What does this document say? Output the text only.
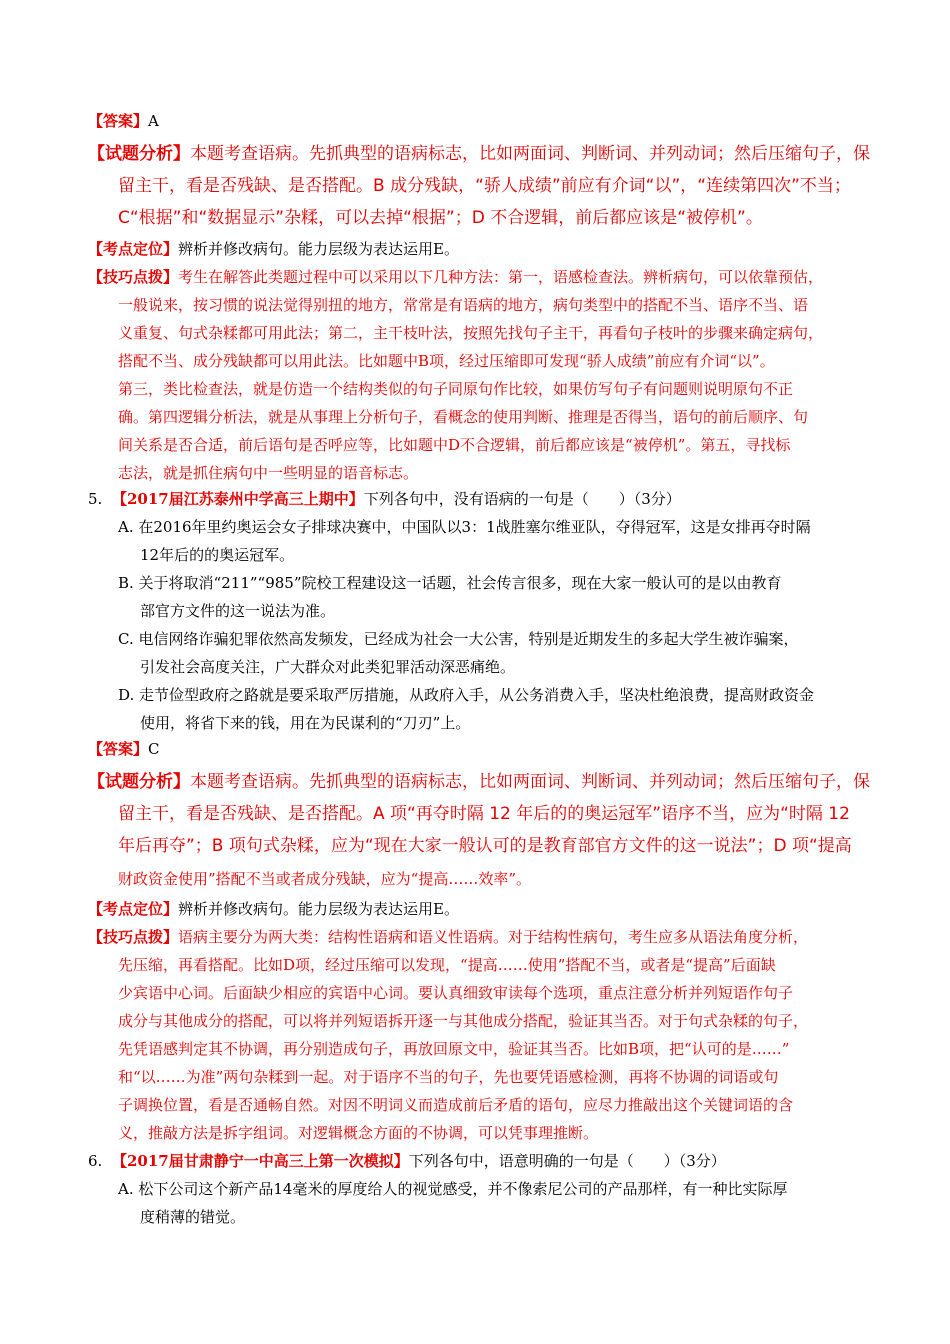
【答案】A
【试题分析】本题考查语病。先抓典型的语病标志，比如两面词、判断词、并列动词；然后压缩句子，保
留主干，看是否残缺、是否搭配。B 成分残缺，“骄人成绩”前应有介词“以”，“连续第四次”不当；
C“根据”和“数据显示”杂糅，可以去掉“根据”；D 不合逻辑，前后都应该是“被停机”。
【考点定位】辨析并修改病句。能力层级为表达运用E。
【技巧点拨】考生在解答此类题过程中可以采用以下几种方法：第一，语感检查法。辨析病句，可以依靠预估，
一般说来，按习惯的说法觉得别扭的地方，常常是有语病的地方，病句类型中的搭配不当、语序不当、语
义重复、句式杂糅都可用此法；第二，主干枝叶法，按照先找句子主干，再看句子枝叶的步骤来确定病句，
搭配不当、成分残缺都可以用此法。比如题中B项，经过压缩即可发现“骄人成绩”前应有介词“以”。
第三，类比检查法，就是仿造一个结构类似的句子同原句作比较，如果仿写句子有问题则说明原句不正
确。第四逻辑分析法，就是从事理上分析句子，看概念的使用判断、推理是否得当，语句的前后顺序、句
间关系是否合适，前后语句是否呼应等，比如题中D不合逻辑，前后都应该是“被停机”。第五，寻找标
志法，就是抓住病句中一些明显的语音标志。
5. 【2017届江苏泰州中学高三上期中】下列各句中，没有语病的一句是（　　）（3分）
A. 在2016年里约奥运会女子排球决赛中，中国队以3：1战胜塞尔维亚队，夺得冠军，这是女排再夺时隔
12年后的的奥运冠军。
B. 关于将取消“211”“985”院校工程建设这一话题，社会传言很多，现在大家一般认可的是以由教育
部官方文件的这一说法为准。
C. 电信网络诈骗犯罪依然高发频发，已经成为社会一大公害，特别是近期发生的多起大学生被诈骗案，
引发社会高度关注，广大群众对此类犯罪活动深恶痛绝。
D. 走节俭型政府之路就是要采取严厉措施，从政府入手，从公务消费入手，坚决杜绝浪费，提高财政资金
使用，将省下来的钱，用在为民谋利的“刀刃”上。
【答案】C
【试题分析】本题考查语病。先抓典型的语病标志，比如两面词、判断词、并列动词；然后压缩句子，保
留主干，看是否残缺、是否搭配。A 项“再夺时隔 12 年后的的奥运冠军”语序不当，应为“时隔 12
年后再夺”；B 项句式杂糅，应为“现在大家一般认可的是教育部官方文件的这一说法”；D 项“提高
财政资金使用”搭配不当或者成分残缺，应为“提高……效率”。
【考点定位】辨析并修改病句。能力层级为表达运用E。
【技巧点拨】语病主要分为两大类：结构性语病和语义性语病。对于结构性病句，考生应多从语法角度分析，
先压缩，再看搭配。比如D项，经过压缩可以发现，“提高……使用”搭配不当，或者是“提高”后面缺
少宾语中心词。后面缺少相应的宾语中心词。要认真细致审读每个选项，重点注意分析并列短语作句子
成分与其他成分的搭配，可以将并列短语拆开逐一与其他成分搭配，验证其当否。对于句式杂糅的句子，
先凭语感判定其不协调，再分别造成句子，再放回原文中，验证其当否。比如B项，把“认可的是……”
和“以……为准”两句杂糅到一起。对于语序不当的句子，先也要凭语感检测，再将不协调的词语或句
子调换位置，看是否通畅自然。对因不明词义而造成前后矛盾的语句，应尽力推敲出这个关键词语的含
义，推敲方法是拆字组词。对逻辑概念方面的不协调，可以凭事理推断。
6. 【2017届甘肃静宁一中高三上第一次模拟】下列各句中，语意明确的一句是（　　）（3分）
A. 松下公司这个新产品14毫米的厚度给人的视觉感受，并不像索尼公司的产品那样，有一种比实际厚
度稍薄的错觉。
